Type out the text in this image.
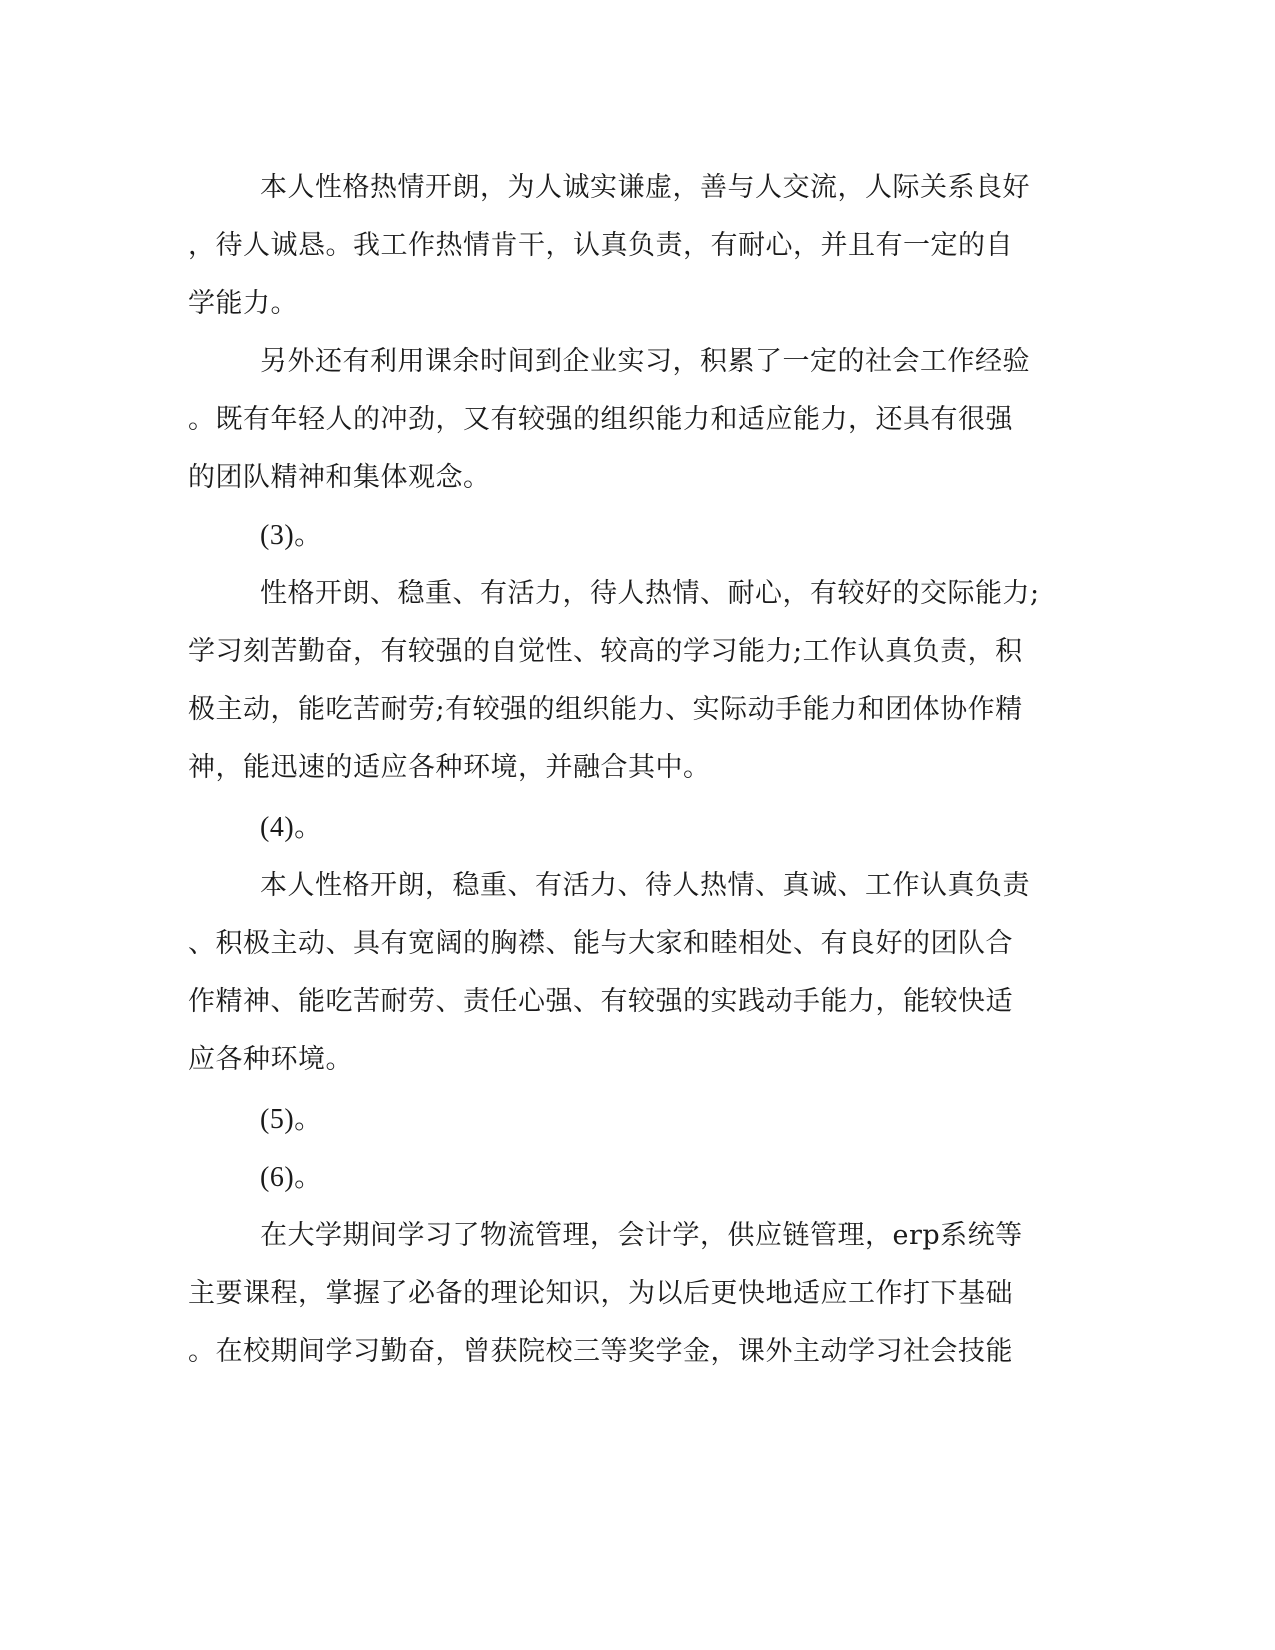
本人性格热情开朗，为人诚实谦虚，善与人交流，人际关系良好
，待人诚恳。我工作热情肯干，认真负责，有耐心，并且有一定的自
学能力。
另外还有利用课余时间到企业实习，积累了一定的社会工作经验
。既有年轻人的冲劲，又有较强的组织能力和适应能力，还具有很强
的团队精神和集体观念。
(3)。
性格开朗、稳重、有活力，待人热情、耐心，有较好的交际能力;
学习刻苦勤奋，有较强的自觉性、较高的学习能力;工作认真负责，积
极主动，能吃苦耐劳;有较强的组织能力、实际动手能力和团体协作精
神，能迅速的适应各种环境，并融合其中。
(4)。
本人性格开朗，稳重、有活力、待人热情、真诚、工作认真负责
、积极主动、具有宽阔的胸襟、能与大家和睦相处、有良好的团队合
作精神、能吃苦耐劳、责任心强、有较强的实践动手能力，能较快适
应各种环境。
(5)。
(6)。
在大学期间学习了物流管理，会计学，供应链管理，erp系统等
主要课程，掌握了必备的理论知识，为以后更快地适应工作打下基础
。在校期间学习勤奋，曾获院校三等奖学金，课外主动学习社会技能
